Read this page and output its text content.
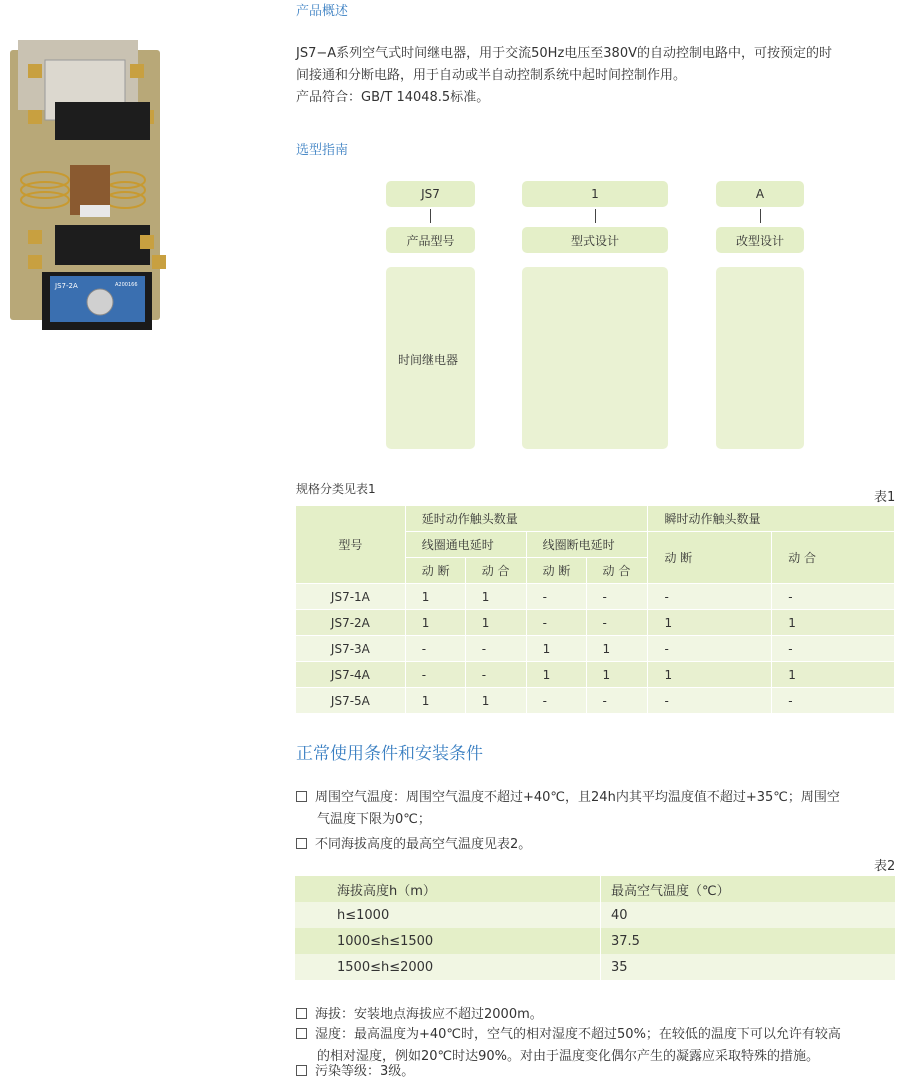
JS7-2A	A200166
产品概述
JS7−A系列空气式时间继电器，用于交流50Hz电压至380V的自动控制电路中，可按预定的时
间接通和分断电路，用于自动或半自动控制系统中起时间控制作用。
产品符合：GB/T 14048.5标准。
选型指南
JS7	1	A
产品型号	型式设计	改型设计
时间继电器
规格分类见表1
表1
型号	延时动作触头数量				瞬时动作触头数量	
	线圈通电延时		线圈断电延时		动 断	动 合
	动 断	动 合	动 断	动 合		
JS7-1A	1	1	-	-	-	-
JS7-2A	1	1	-	-	1	1
JS7-3A	-	-	1	1	-	-
JS7-4A	-	-	1	1	1	1
JS7-5A	1	1	-	-	-	-
正常使用条件和安装条件
周围空气温度：周围空气温度不超过+40℃，且24h内其平均温度值不超过+35℃；周围空
气温度下限为0℃；
不同海拔高度的最高空气温度见表2。
表2
海拔高度h（m）	最高空气温度（℃）
h≤1000	40
1000≤h≤1500	37.5
1500≤h≤2000	35
海拔：安装地点海拔应不超过2000m。
湿度：最高温度为+40℃时，空气的相对湿度不超过50%；在较低的温度下可以允许有较高
的相对湿度，例如20℃时达90%。对由于温度变化偶尔产生的凝露应采取特殊的措施。
污染等级：3级。
